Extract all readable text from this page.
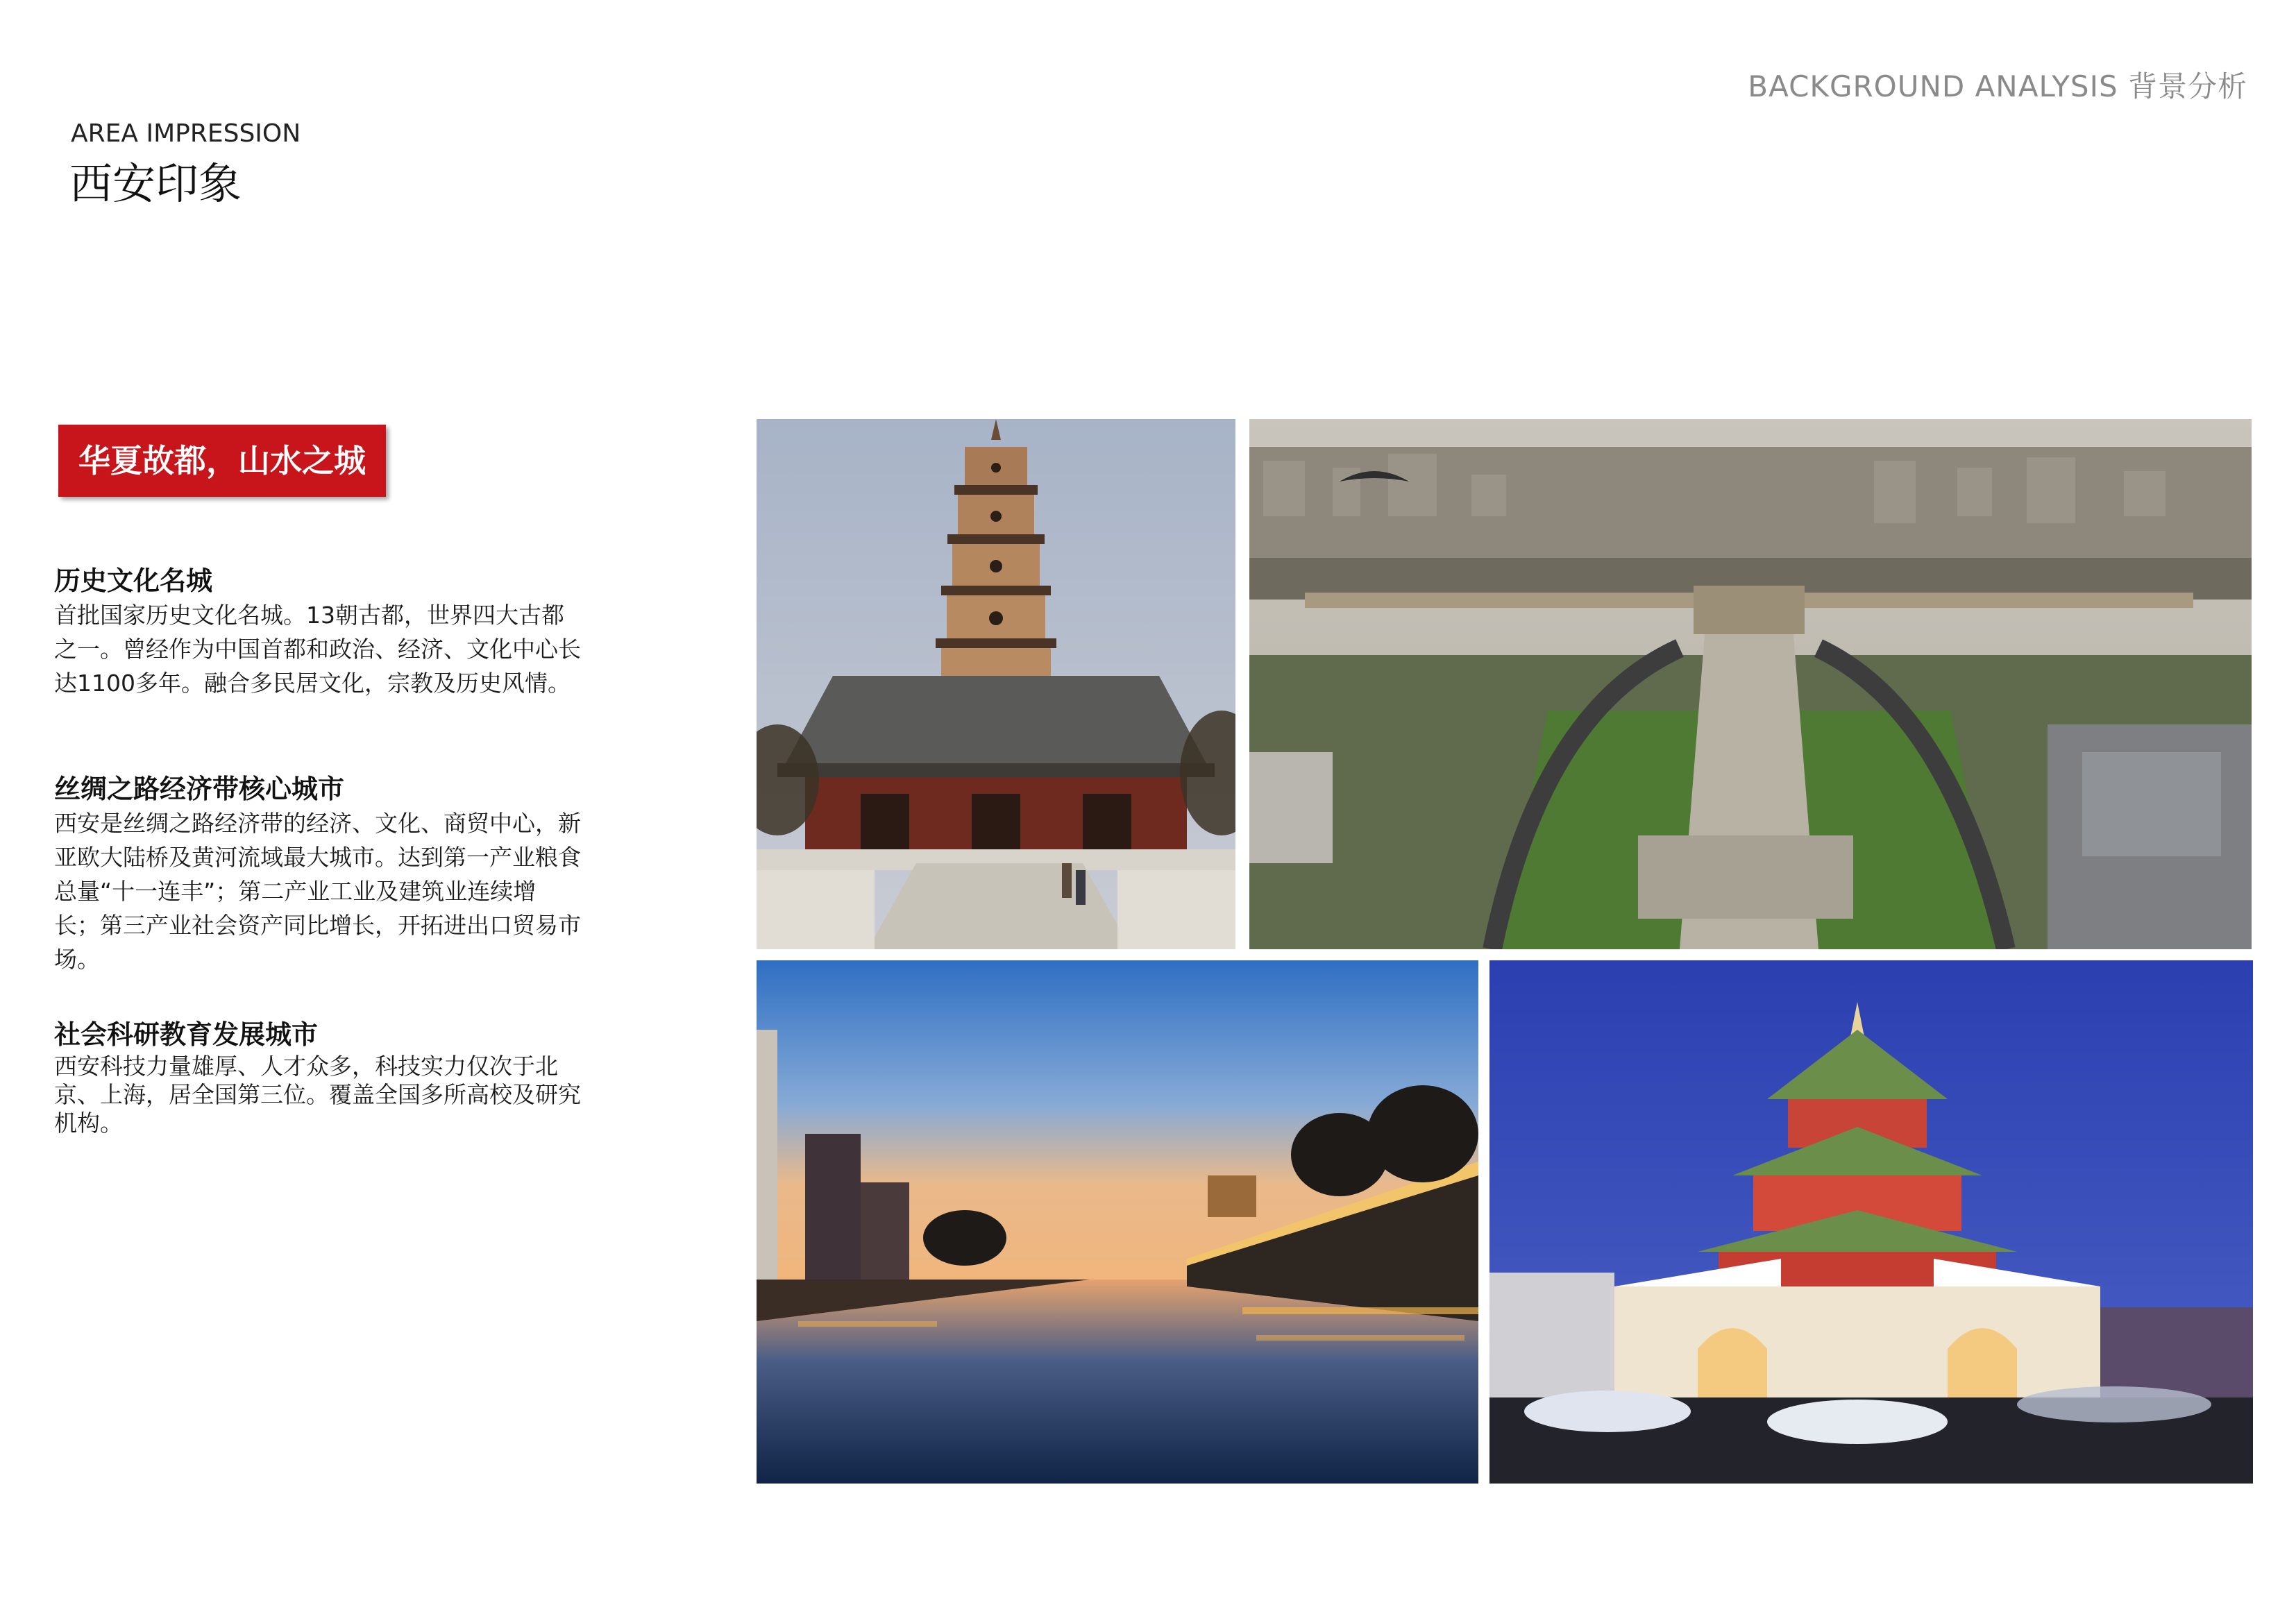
BACKGROUND ANALYSIS 背景分析
AREA IMPRESSION
西安印象
华夏故都，山水之城
历史文化名城

首批国家历史文化名城。13朝古都，世界四大古都之一。曾经作为中国首都和政治、经济、文化中心长达1100多年。融合多民居文化，宗教及历史风情。

丝绸之路经济带核心城市

西安是丝绸之路经济带的经济、文化、商贸中心，新亚欧大陆桥及黄河流域最大城市。达到第一产业粮食总量“十一连丰”；第二产业工业及建筑业连续增长；第三产业社会资产同比增长，开拓进出口贸易市场。

社会科研教育发展城市

西安科技力量雄厚、人才众多，科技实力仅次于北京、上海，居全国第三位。覆盖全国多所高校及研究机构。
